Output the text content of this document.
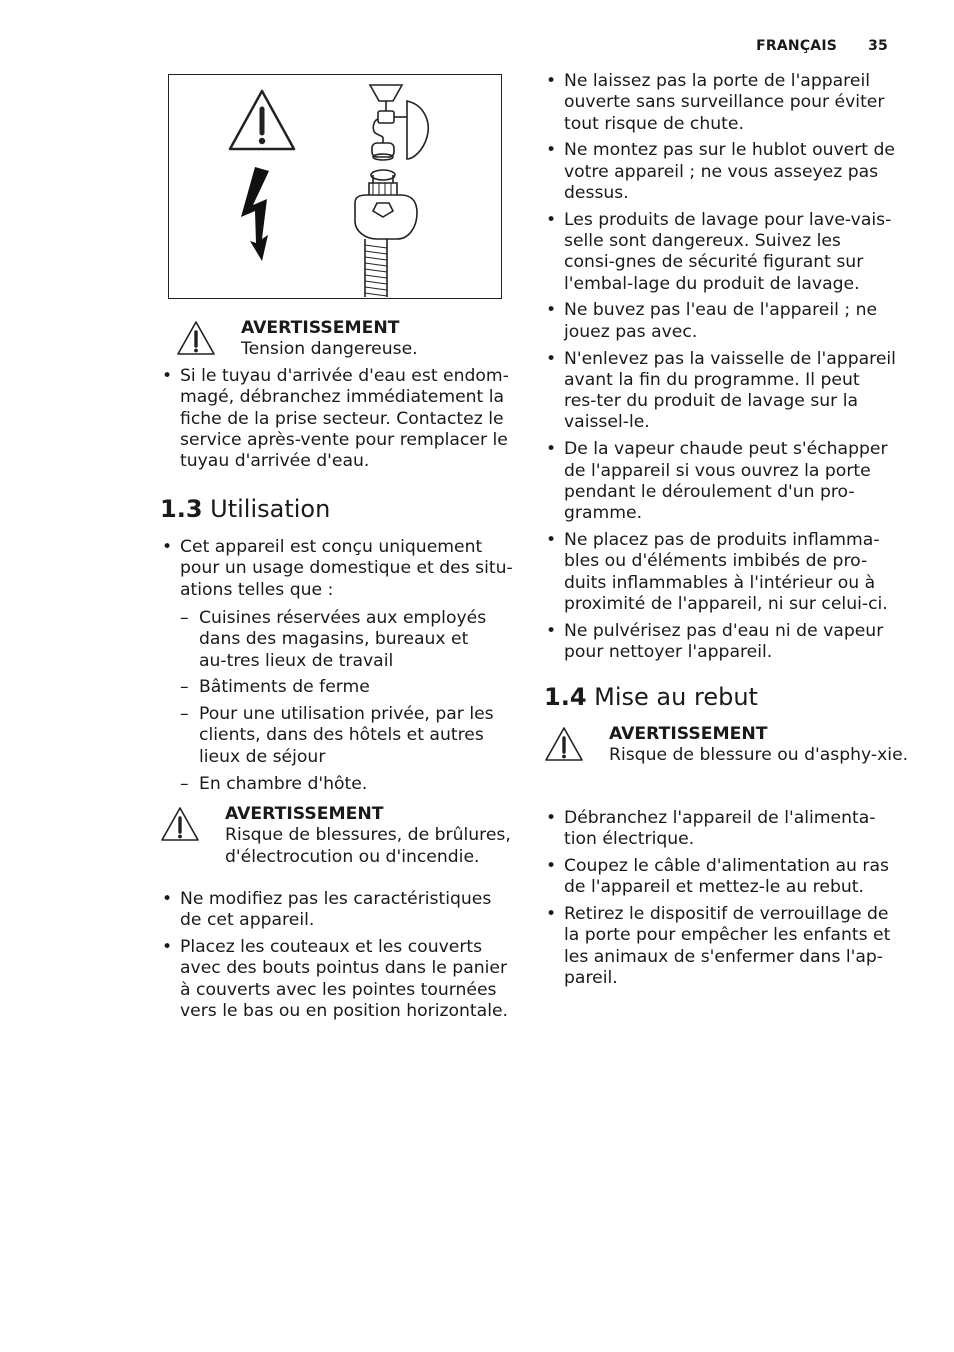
FRANÇAIS 35
AVERTISSEMENT
Tension dangereuse.
• Si le tuyau d'arrivée d'eau est endom-magé, débranchez immédiatement la fiche de la prise secteur. Contactez le service après-vente pour remplacer le tuyau d'arrivée d'eau.
1.3 Utilisation
• Cet appareil est conçu uniquement pour un usage domestique et des situ-ations telles que :
– Cuisines réservées aux employés dans des magasins, bureaux et au-tres lieux de travail
– Bâtiments de ferme
– Pour une utilisation privée, par les clients, dans des hôtels et autres lieux de séjour
– En chambre d'hôte.
AVERTISSEMENT
Risque de blessures, de brûlures, d'électrocution ou d'incendie.
• Ne modifiez pas les caractéristiques de cet appareil.
• Placez les couteaux et les couverts avec des bouts pointus dans le panier à couverts avec les pointes tournées vers le bas ou en position horizontale.
• Ne laissez pas la porte de l'appareil ouverte sans surveillance pour éviter tout risque de chute.
• Ne montez pas sur le hublot ouvert de votre appareil ; ne vous asseyez pas dessus.
• Les produits de lavage pour lave-vais-selle sont dangereux. Suivez les consi-gnes de sécurité figurant sur l'embal-lage du produit de lavage.
• Ne buvez pas l'eau de l'appareil ; ne jouez pas avec.
• N'enlevez pas la vaisselle de l'appareil avant la fin du programme. Il peut res-ter du produit de lavage sur la vaissel-le.
• De la vapeur chaude peut s'échapper de l'appareil si vous ouvrez la porte pendant le déroulement d'un pro-gramme.
• Ne placez pas de produits inflamma-bles ou d'éléments imbibés de pro-duits inflammables à l'intérieur ou à proximité de l'appareil, ni sur celui-ci.
• Ne pulvérisez pas d'eau ni de vapeur pour nettoyer l'appareil.
1.4 Mise au rebut
AVERTISSEMENT
Risque de blessure ou d'asphy-xie.
• Débranchez l'appareil de l'alimenta-tion électrique.
• Coupez le câble d'alimentation au ras de l'appareil et mettez-le au rebut.
• Retirez le dispositif de verrouillage de la porte pour empêcher les enfants et les animaux de s'enfermer dans l'ap-pareil.
